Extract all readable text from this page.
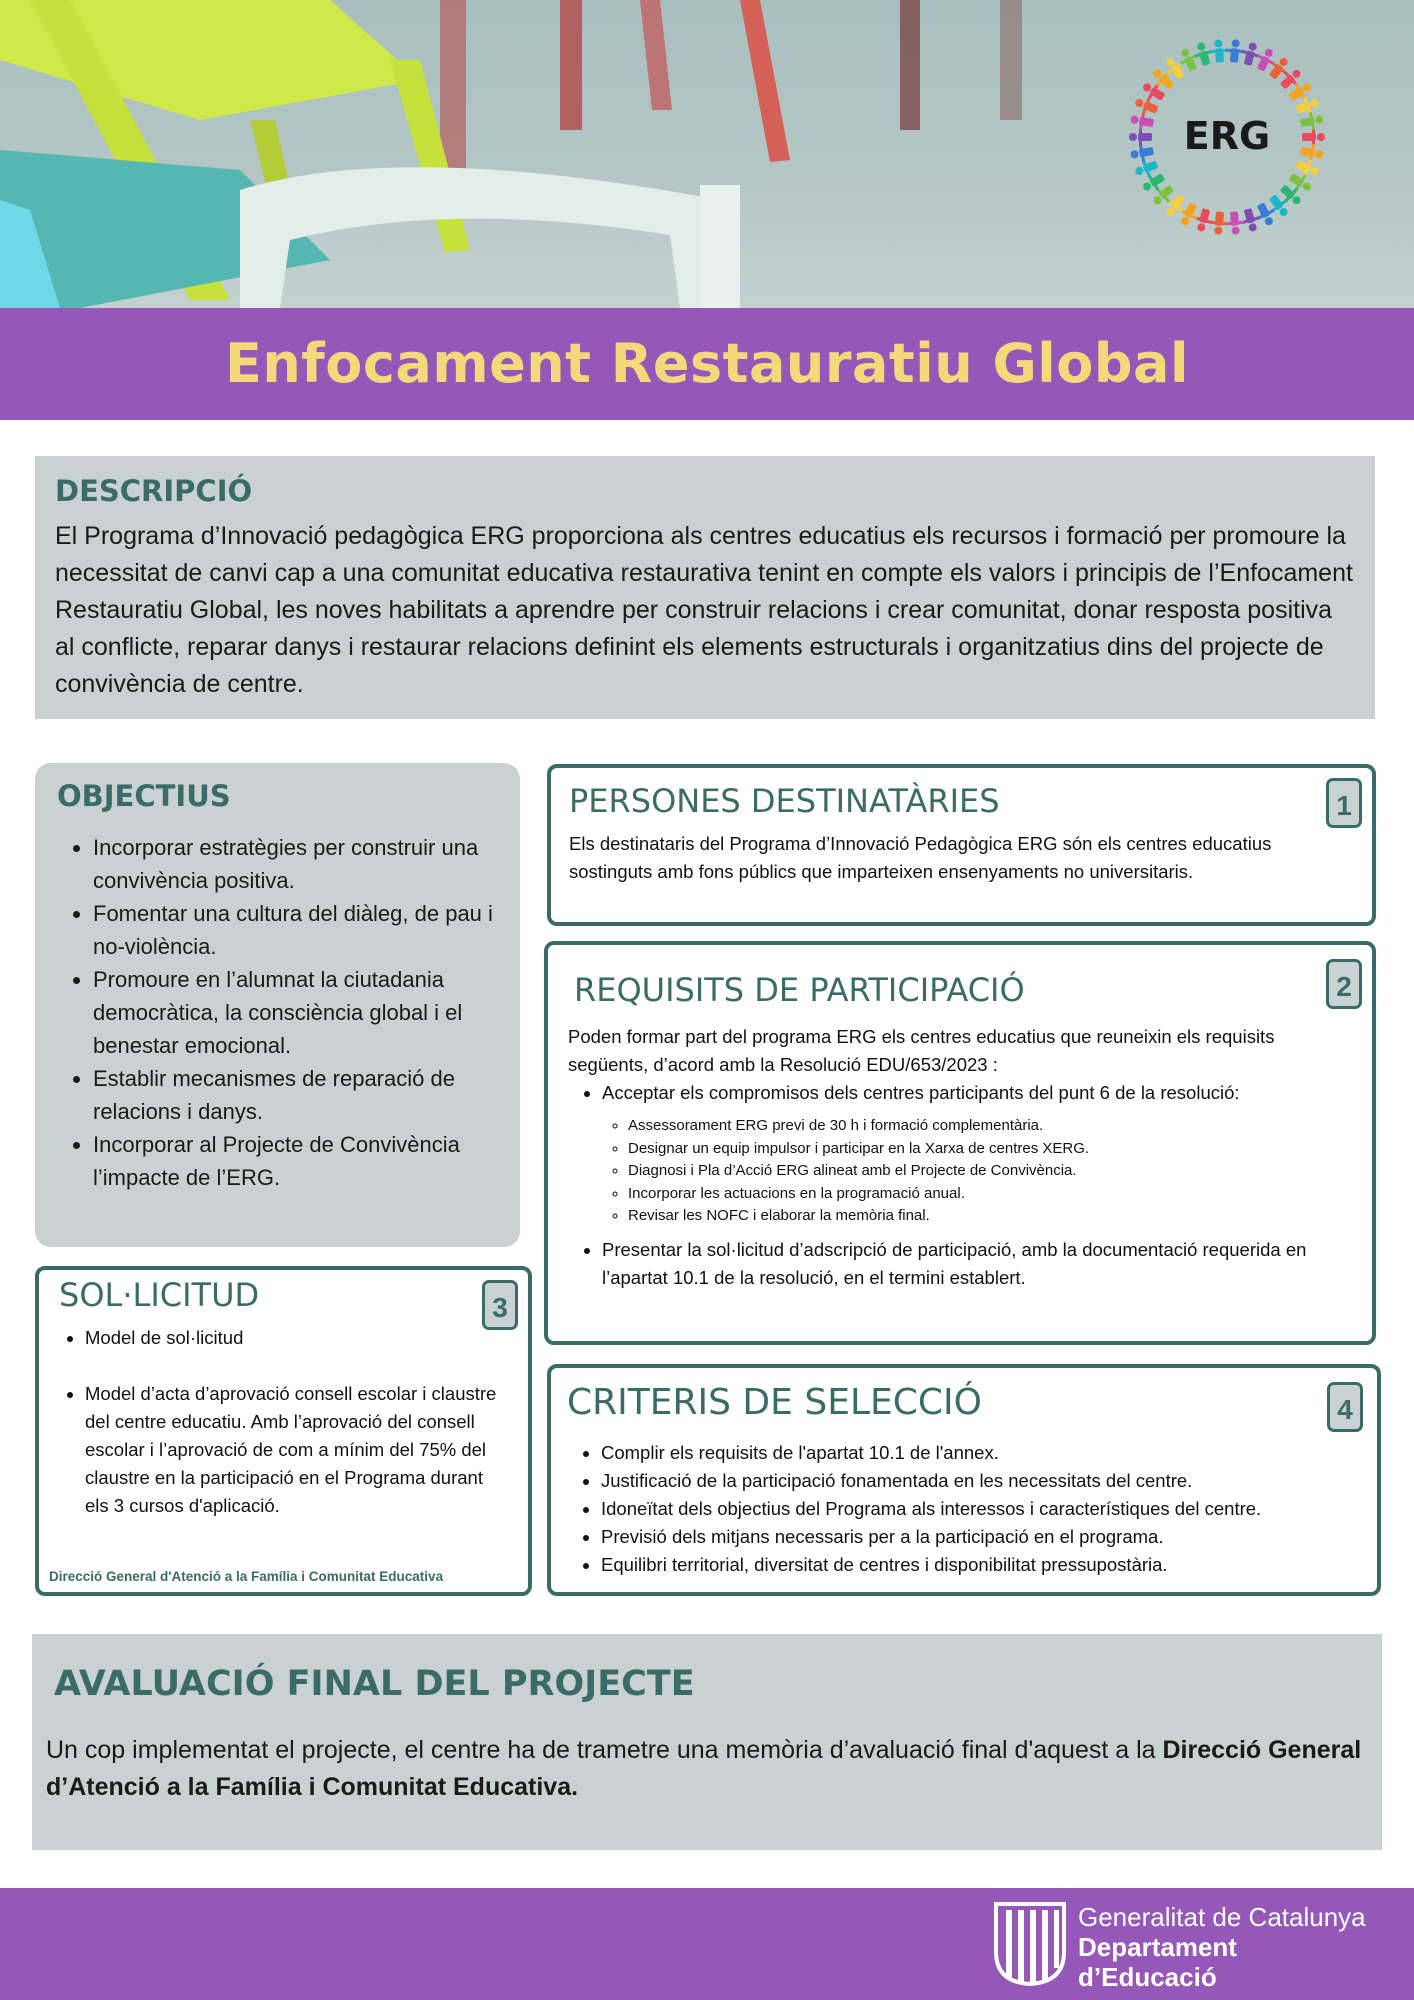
ERG
Enfocament Restauratiu Global
DESCRIPCIÓ

El Programa d’Innovació pedagògica ERG proporciona als centres educatius els recursos i formació per promoure la necessitat de canvi cap a una comunitat educativa restaurativa tenint en compte els valors i principis de l’Enfocament Restauratiu Global, les noves habilitats a aprendre per construir relacions i crear comunitat, donar resposta positiva al conflicte, reparar danys i restaurar relacions definint els elements estructurals i organitzatius dins del projecte de convivència de centre.

OBJECTIUS
• Incorporar estratègies per construir una convivència positiva.
• Fomentar una cultura del diàleg, de pau i no-violència.
• Promoure en l’alumnat la ciutadania democràtica, la consciència global i el benestar emocional.
• Establir mecanismes de reparació de relacions i danys.
• Incorporar al Projecte de Convivència l’impacte de l’ERG.
PERSONES DESTINATÀRIES

Els destinataris del Programa d’Innovació Pedagògica ERG són els centres educatius sostinguts amb fons públics que imparteixen ensenyaments no universitaris.

1
REQUISITS DE PARTICIPACIÓ

Poden formar part del programa ERG els centres educatius que reuneixin els requisits següents, d’acord amb la Resolució EDU/653/2023 :

• Acceptar els compromisos dels centres participants del punt 6 de la resolució:
◦ Assessorament ERG previ de 30 h i formació complementària.
◦ Designar un equip impulsor i participar en la Xarxa de centres XERG.
◦ Diagnosi i Pla d’Acció ERG alineat amb el Projecte de Convivència.
◦ Incorporar les actuacions en la programació anual.
◦ Revisar les NOFC i elaborar la memòria final.
• Presentar la sol·licitud d’adscripció de participació, amb la documentació requerida en l’apartat 10.1 de la resolució, en el termini establert.
2
SOL·LICITUD
• Model de sol·licitud
• Model d’acta d’aprovació consell escolar i claustre del centre educatiu. Amb l’aprovació del consell escolar i l’aprovació de com a mínim del 75% del claustre en la participació en el Programa durant els 3 cursos d'aplicació.
Direcció General d'Atenció a la Família i Comunitat Educativa
3
CRITERIS DE SELECCIÓ
• Complir els requisits de l'apartat 10.1 de l'annex.
• Justificació de la participació fonamentada en les necessitats del centre.
• Idoneïtat dels objectius del Programa als interessos i característiques del centre.
• Previsió dels mitjans necessaris per a la participació en el programa.
• Equilibri territorial, diversitat de centres i disponibilitat pressupostària.
4
AVALUACIÓ FINAL DEL PROJECTE

Un cop implementat el projecte, el centre ha de trametre una memòria d’avaluació final d'aquest a la Direcció General d’Atenció a la Família i Comunitat Educativa.

Generalitat de Catalunya
Departament
d’Educació
